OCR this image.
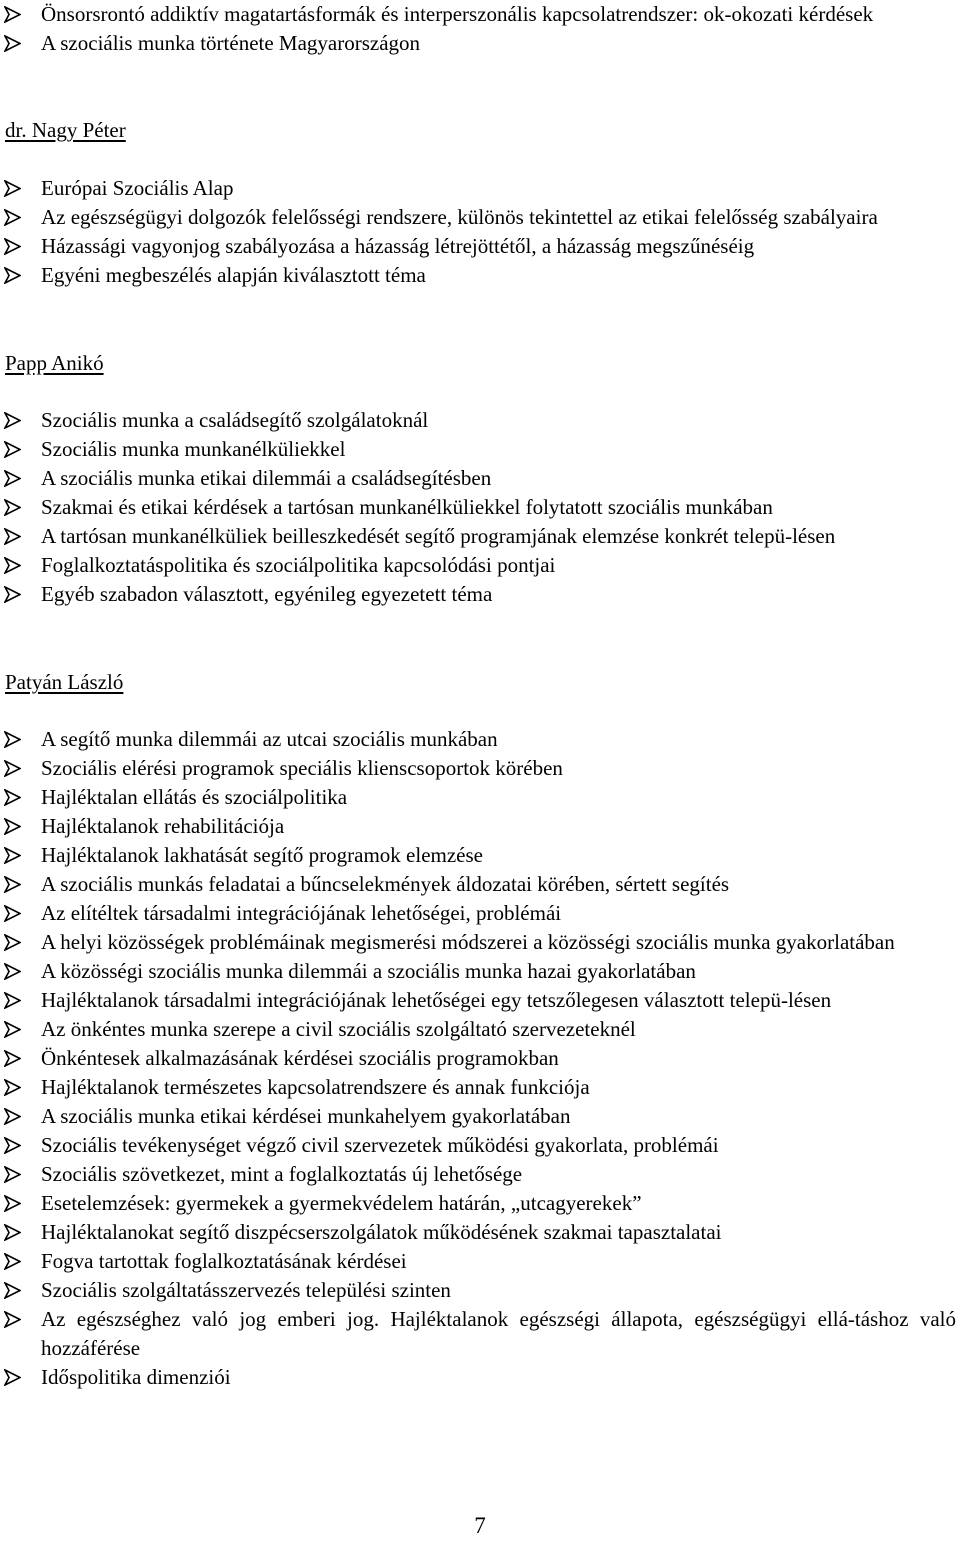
Önsorsrontó addiktív magatartásformák és interperszonális kapcsolatrendszer: ok-okozati kérdések
A szociális munka története Magyarországon
dr. Nagy Péter
Európai Szociális Alap
Az egészségügyi dolgozók felelősségi rendszere, különös tekintettel az etikai felelősség szabályaira
Házassági vagyonjog szabályozása a házasság létrejöttétől, a házasság megszűnéséig
Egyéni megbeszélés alapján kiválasztott téma
Papp Anikó
Szociális munka a családsegítő szolgálatoknál
Szociális munka munkanélküliekkel
A szociális munka etikai dilemmái a családsegítésben
Szakmai és etikai kérdések a tartósan munkanélküliekkel folytatott szociális munkában
A tartósan munkanélküliek beilleszkedését segítő programjának elemzése konkrét telepü-lésen
Foglalkoztatáspolitika és szociálpolitika kapcsolódási pontjai
Egyéb szabadon választott, egyénileg egyezetett téma
Patyán László
A segítő munka dilemmái az utcai szociális munkában
Szociális elérési programok speciális klienscsoportok körében
Hajléktalan ellátás és szociálpolitika
Hajléktalanok rehabilitációja
Hajléktalanok lakhatását segítő programok elemzése
A szociális munkás feladatai a bűncselekmények áldozatai körében, sértett segítés
Az elítéltek társadalmi integrációjának lehetőségei, problémái
A helyi közösségek problémáinak megismerési módszerei a közösségi szociális munka gyakorlatában
A közösségi szociális munka dilemmái a szociális munka hazai gyakorlatában
Hajléktalanok társadalmi integrációjának lehetőségei egy tetszőlegesen választott telepü-lésen
Az önkéntes munka szerepe a civil szociális szolgáltató szervezeteknél
Önkéntesek alkalmazásának kérdései szociális programokban
Hajléktalanok természetes kapcsolatrendszere és annak funkciója
A szociális munka etikai kérdései munkahelyem gyakorlatában
Szociális tevékenységet végző civil szervezetek működési gyakorlata, problémái
Szociális szövetkezet, mint a foglalkoztatás új lehetősége
Esetelemzések: gyermekek a gyermekvédelem határán, „utcagyerekek”
Hajléktalanokat segítő diszpécserszolgálatok működésének szakmai tapasztalatai
Fogva tartottak foglalkoztatásának kérdései
Szociális szolgáltatásszervezés települési szinten
Az egészséghez való jog emberi jog. Hajléktalanok egészségi állapota, egészségügyi ellá-táshoz való hozzáférése
Időspolitika dimenziói
7
